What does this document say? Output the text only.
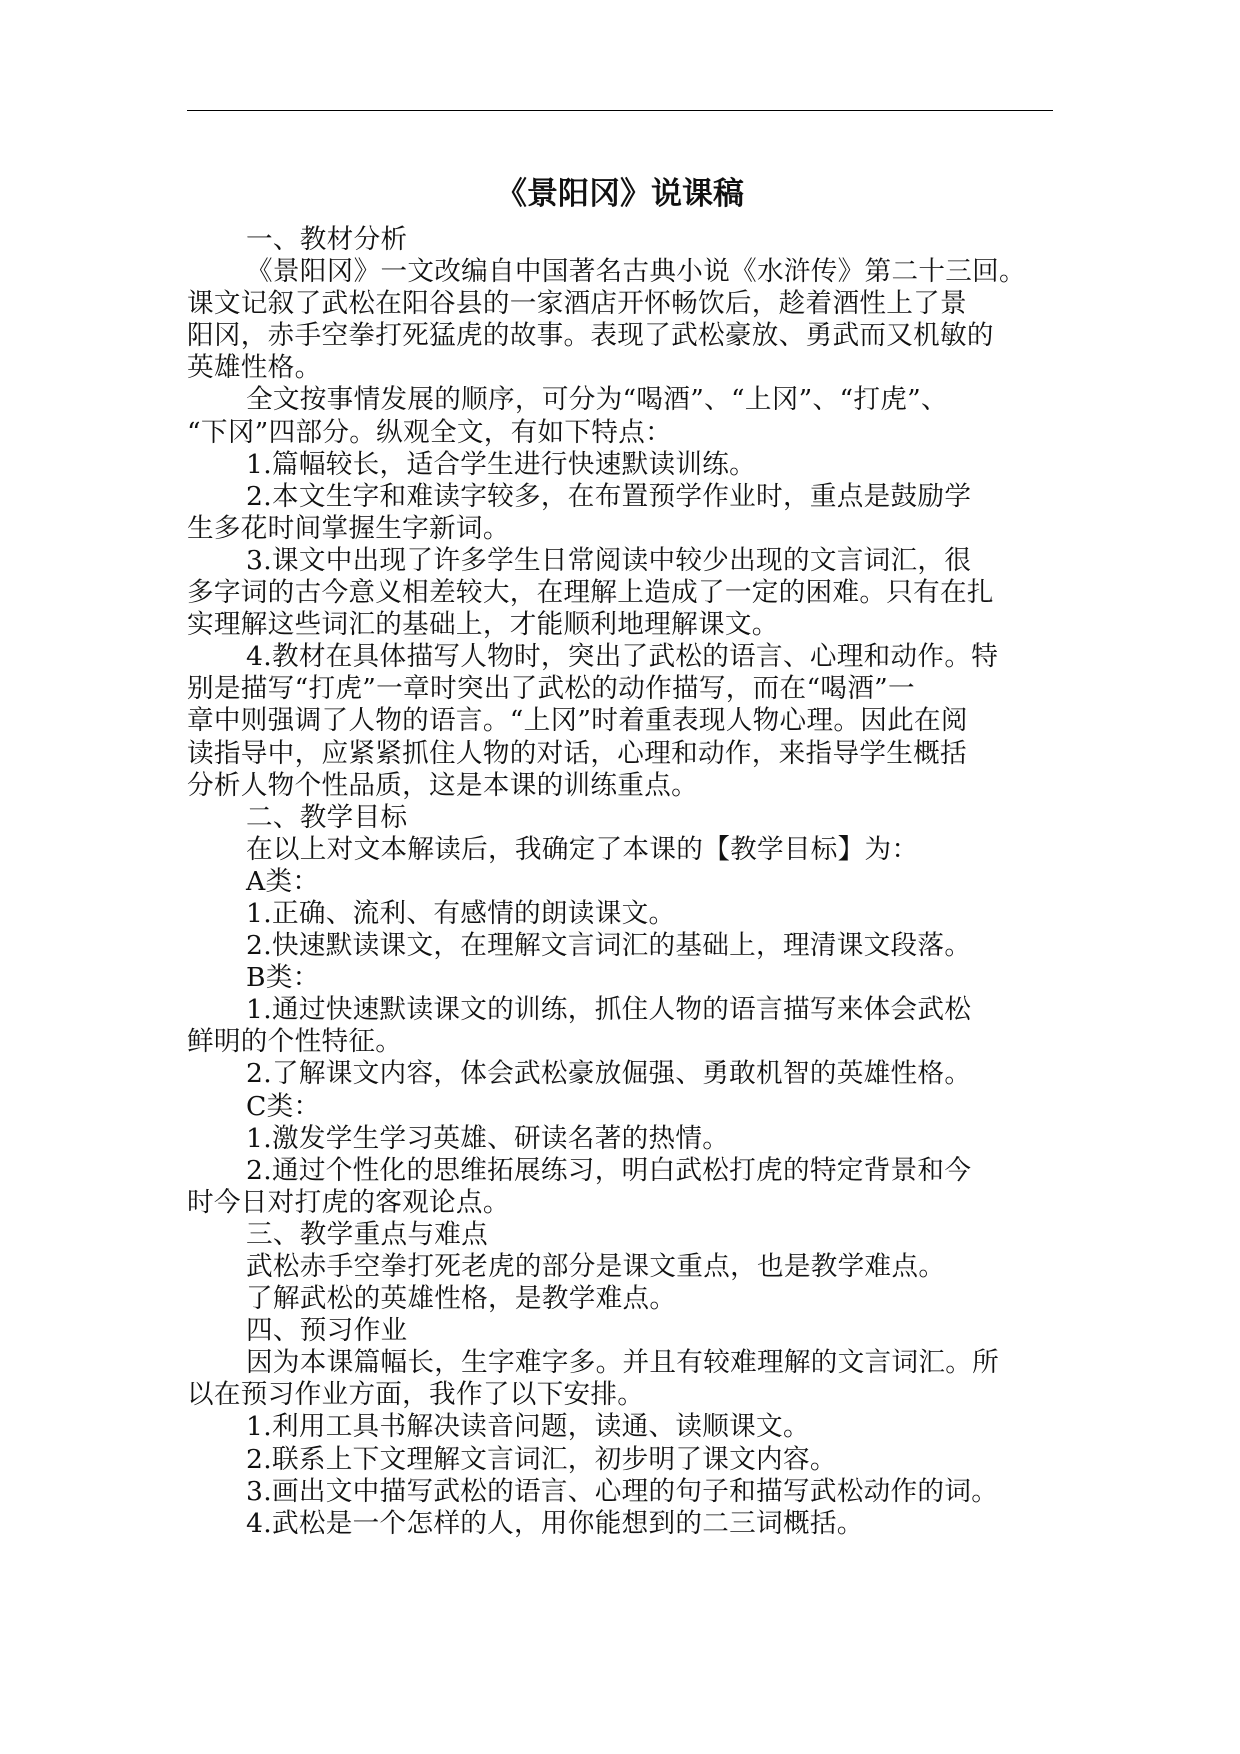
《景阳冈》说课稿

一、教材分析

《景阳冈》一文改编自中国著名古典小说《水浒传》第二十三回。

课文记叙了武松在阳谷县的一家酒店开怀畅饮后，趁着酒性上了景

阳冈，赤手空拳打死猛虎的故事。表现了武松豪放、勇武而又机敏的

英雄性格。

全文按事情发展的顺序，可分为“喝酒”、“上冈”、“打虎”、

“下冈”四部分。纵观全文，有如下特点：

1.篇幅较长，适合学生进行快速默读训练。

2.本文生字和难读字较多，在布置预学作业时，重点是鼓励学

生多花时间掌握生字新词。

3.课文中出现了许多学生日常阅读中较少出现的文言词汇，很

多字词的古今意义相差较大，在理解上造成了一定的困难。只有在扎

实理解这些词汇的基础上，才能顺利地理解课文。

4.教材在具体描写人物时，突出了武松的语言、心理和动作。特

别是描写“打虎”一章时突出了武松的动作描写，而在“喝酒”一

章中则强调了人物的语言。“上冈”时着重表现人物心理。因此在阅

读指导中，应紧紧抓住人物的对话，心理和动作，来指导学生概括

分析人物个性品质，这是本课的训练重点。

二、教学目标

在以上对文本解读后，我确定了本课的【教学目标】为：

A类：

1.正确、流利、有感情的朗读课文。

2.快速默读课文，在理解文言词汇的基础上，理清课文段落。

B类：

1.通过快速默读课文的训练，抓住人物的语言描写来体会武松

鲜明的个性特征。

2.了解课文内容，体会武松豪放倔强、勇敢机智的英雄性格。

C类：

1.激发学生学习英雄、研读名著的热情。

2.通过个性化的思维拓展练习，明白武松打虎的特定背景和今

时今日对打虎的客观论点。

三、教学重点与难点

武松赤手空拳打死老虎的部分是课文重点，也是教学难点。

了解武松的英雄性格，是教学难点。

四、预习作业

因为本课篇幅长，生字难字多。并且有较难理解的文言词汇。所

以在预习作业方面，我作了以下安排。

1.利用工具书解决读音问题，读通、读顺课文。

2.联系上下文理解文言词汇，初步明了课文内容。

3.画出文中描写武松的语言、心理的句子和描写武松动作的词。

4.武松是一个怎样的人，用你能想到的二三词概括。
